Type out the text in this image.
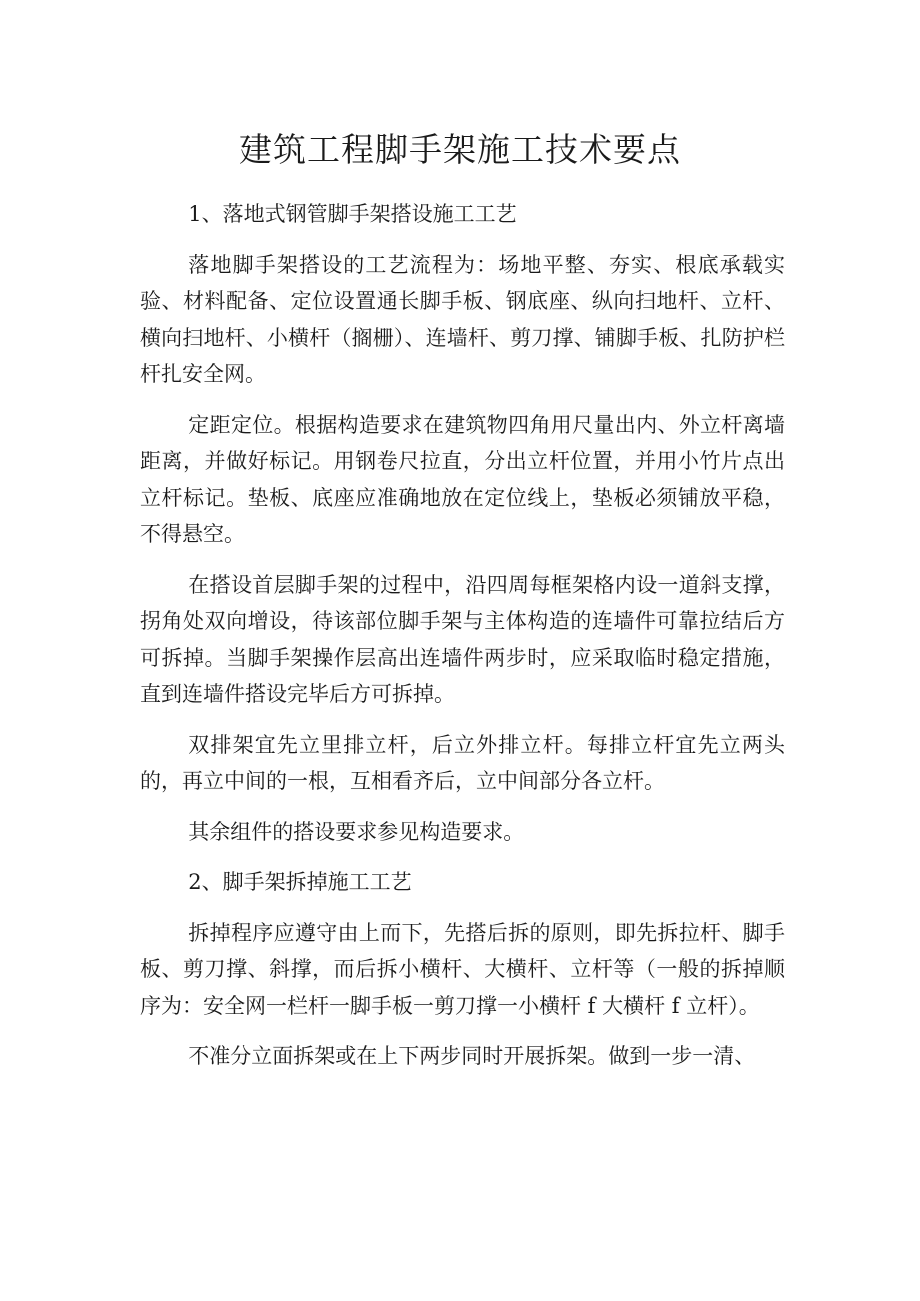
建筑工程脚手架施工技术要点

1、落地式钢管脚手架搭设施工工艺

落地脚手架搭设的工艺流程为：场地平整、夯实、根底承载实验、材料配备、定位设置通长脚手板、钢底座、纵向扫地杆、立杆、横向扫地杆、小横杆（搁栅）、连墙杆、剪刀撑、铺脚手板、扎防护栏杆扎安全网。

定距定位。根据构造要求在建筑物四角用尺量出内、外立杆离墙距离，并做好标记。用钢卷尺拉直，分出立杆位置，并用小竹片点出立杆标记。垫板、底座应准确地放在定位线上，垫板必须铺放平稳，不得悬空。

在搭设首层脚手架的过程中，沿四周每框架格内设一道斜支撑，拐角处双向增设，待该部位脚手架与主体构造的连墙件可靠拉结后方可拆掉。当脚手架操作层高出连墙件两步时，应采取临时稳定措施，直到连墙件搭设完毕后方可拆掉。

双排架宜先立里排立杆，后立外排立杆。每排立杆宜先立两头的，再立中间的一根，互相看齐后，立中间部分各立杆。

其余组件的搭设要求参见构造要求。

2、脚手架拆掉施工工艺

拆掉程序应遵守由上而下，先搭后拆的原则，即先拆拉杆、脚手板、剪刀撑、斜撑，而后拆小横杆、大横杆、立杆等（一般的拆掉顺序为：安全网一栏杆一脚手板一剪刀撑一小横杆 f 大横杆 f 立杆）。

不准分立面拆架或在上下两步同时开展拆架。做到一步一清、
